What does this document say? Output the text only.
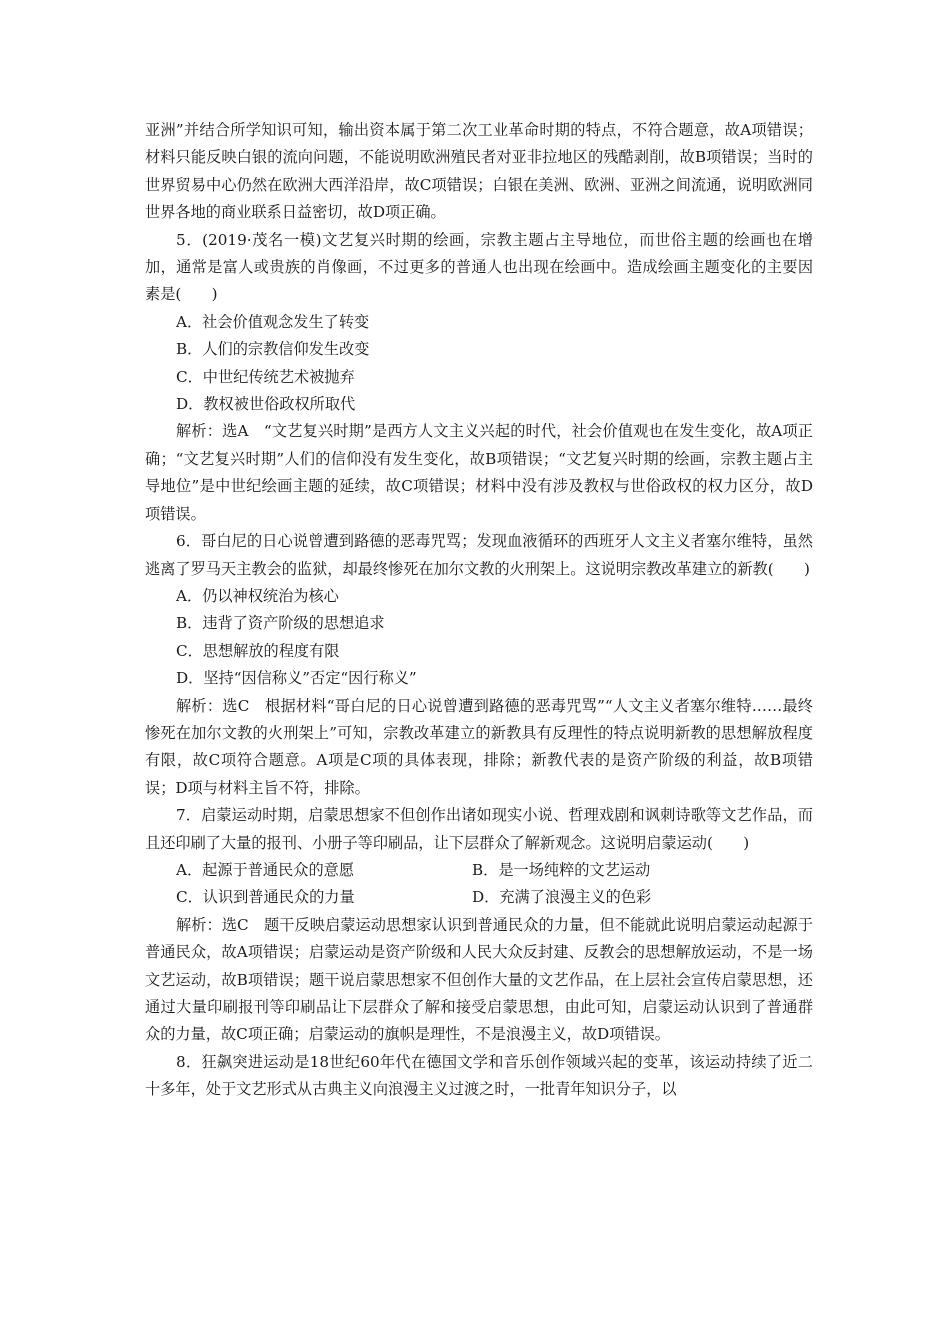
亚洲”并结合所学知识可知，输出资本属于第二次工业革命时期的特点，不符合题意，故A项错误；材料只能反映白银的流向问题，不能说明欧洲殖民者对亚非拉地区的残酷剥削，故B项错误；当时的世界贸易中心仍然在欧洲大西洋沿岸，故C项错误；白银在美洲、欧洲、亚洲之间流通，说明欧洲同世界各地的商业联系日益密切，故D项正确。

5．(2019·茂名一模)文艺复兴时期的绘画，宗教主题占主导地位，而世俗主题的绘画也在增加，通常是富人或贵族的肖像画，不过更多的普通人也出现在绘画中。造成绘画主题变化的主要因素是(　　)

A．社会价值观念发生了转变

B．人们的宗教信仰发生改变

C．中世纪传统艺术被抛弃

D．教权被世俗政权所取代

解析：选A　“文艺复兴时期”是西方人文主义兴起的时代，社会价值观也在发生变化，故A项正确；“文艺复兴时期”人们的信仰没有发生变化，故B项错误；“文艺复兴时期的绘画，宗教主题占主导地位”是中世纪绘画主题的延续，故C项错误；材料中没有涉及教权与世俗政权的权力区分，故D项错误。

6．哥白尼的日心说曾遭到路德的恶毒咒骂；发现血液循环的西班牙人文主义者塞尔维特，虽然逃离了罗马天主教会的监狱，却最终惨死在加尔文教的火刑架上。这说明宗教改革建立的新教(　　)

A．仍以神权统治为核心

B．违背了资产阶级的思想追求

C．思想解放的程度有限

D．坚持“因信称义”否定“因行称义”

解析：选C　根据材料“哥白尼的日心说曾遭到路德的恶毒咒骂”“人文主义者塞尔维特……最终惨死在加尔文教的火刑架上”可知，宗教改革建立的新教具有反理性的特点说明新教的思想解放程度有限，故C项符合题意。A项是C项的具体表现，排除；新教代表的是资产阶级的利益，故B项错误；D项与材料主旨不符，排除。

7．启蒙运动时期，启蒙思想家不但创作出诸如现实小说、哲理戏剧和讽刺诗歌等文艺作品，而且还印刷了大量的报刊、小册子等印刷品，让下层群众了解新观念。这说明启蒙运动(　　)

A．起源于普通民众的意愿	B．是一场纯粹的文艺运动
C．认识到普通民众的力量	D．充满了浪漫主义的色彩

解析：选C　题干反映启蒙运动思想家认识到普通民众的力量，但不能就此说明启蒙运动起源于普通民众，故A项错误；启蒙运动是资产阶级和人民大众反封建、反教会的思想解放运动，不是一场文艺运动，故B项错误；题干说启蒙思想家不但创作大量的文艺作品，在上层社会宣传启蒙思想，还通过大量印刷报刊等印刷品让下层群众了解和接受启蒙思想，由此可知，启蒙运动认识到了普通群众的力量，故C项正确；启蒙运动的旗帜是理性，不是浪漫主义，故D项错误。

8．狂飙突进运动是18世纪60年代在德国文学和音乐创作领域兴起的变革，该运动持续了近二十多年，处于文艺形式从古典主义向浪漫主义过渡之时，一批青年知识分子，以
